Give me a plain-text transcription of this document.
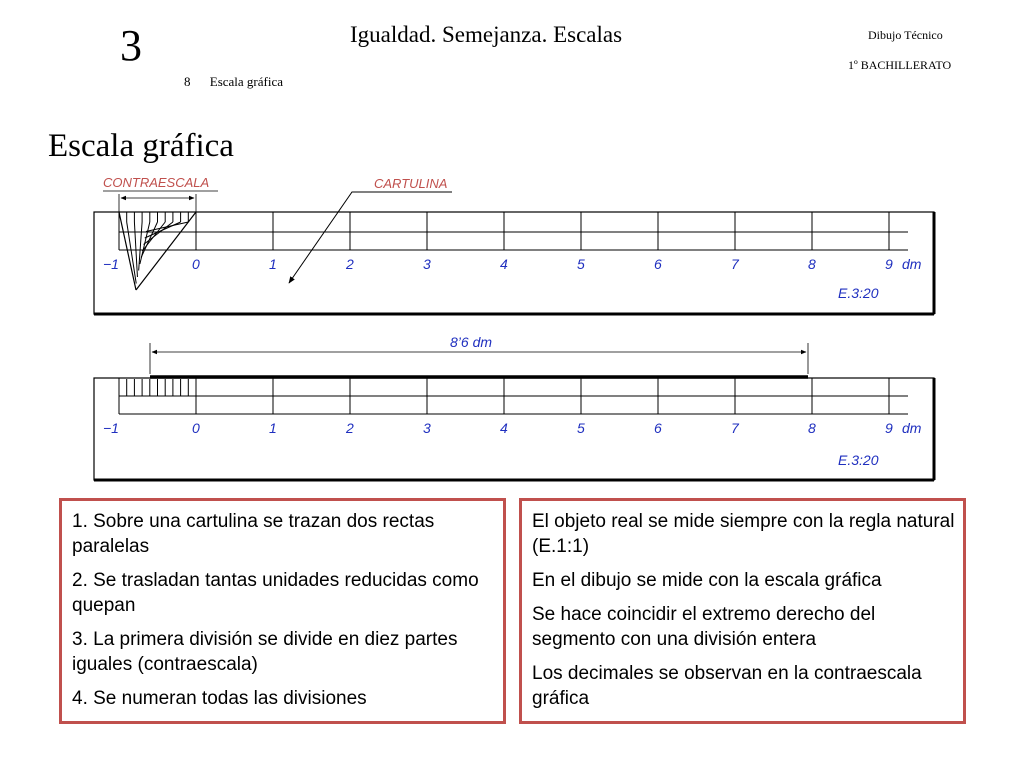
3	Igualdad. Semejanza. Escalas	Dibujo Técnico
1º BACHILLERATO
8 Escala gráfica
Escala gráfica
−1	0	1	2	3	4	5	6	7	8	9 dm
E.3:20
CONTRAESCALA	CARTULINA
8’6 dm
−1	0	1	2	3	4	5	6	7	8	9 dm
E.3:20

1. Sobre una cartulina se trazan dos rectas paralelas

2. Se trasladan tantas unidades reducidas como quepan

3. La primera división se divide en diez partes iguales (contraescala)

4. Se numeran todas las divisiones

El objeto real se mide siempre con la regla natural (E.1:1)

En el dibujo se mide con la escala gráfica

Se hace coincidir el extremo derecho del segmento con una división entera

Los decimales se observan en la contraescala gráfica
